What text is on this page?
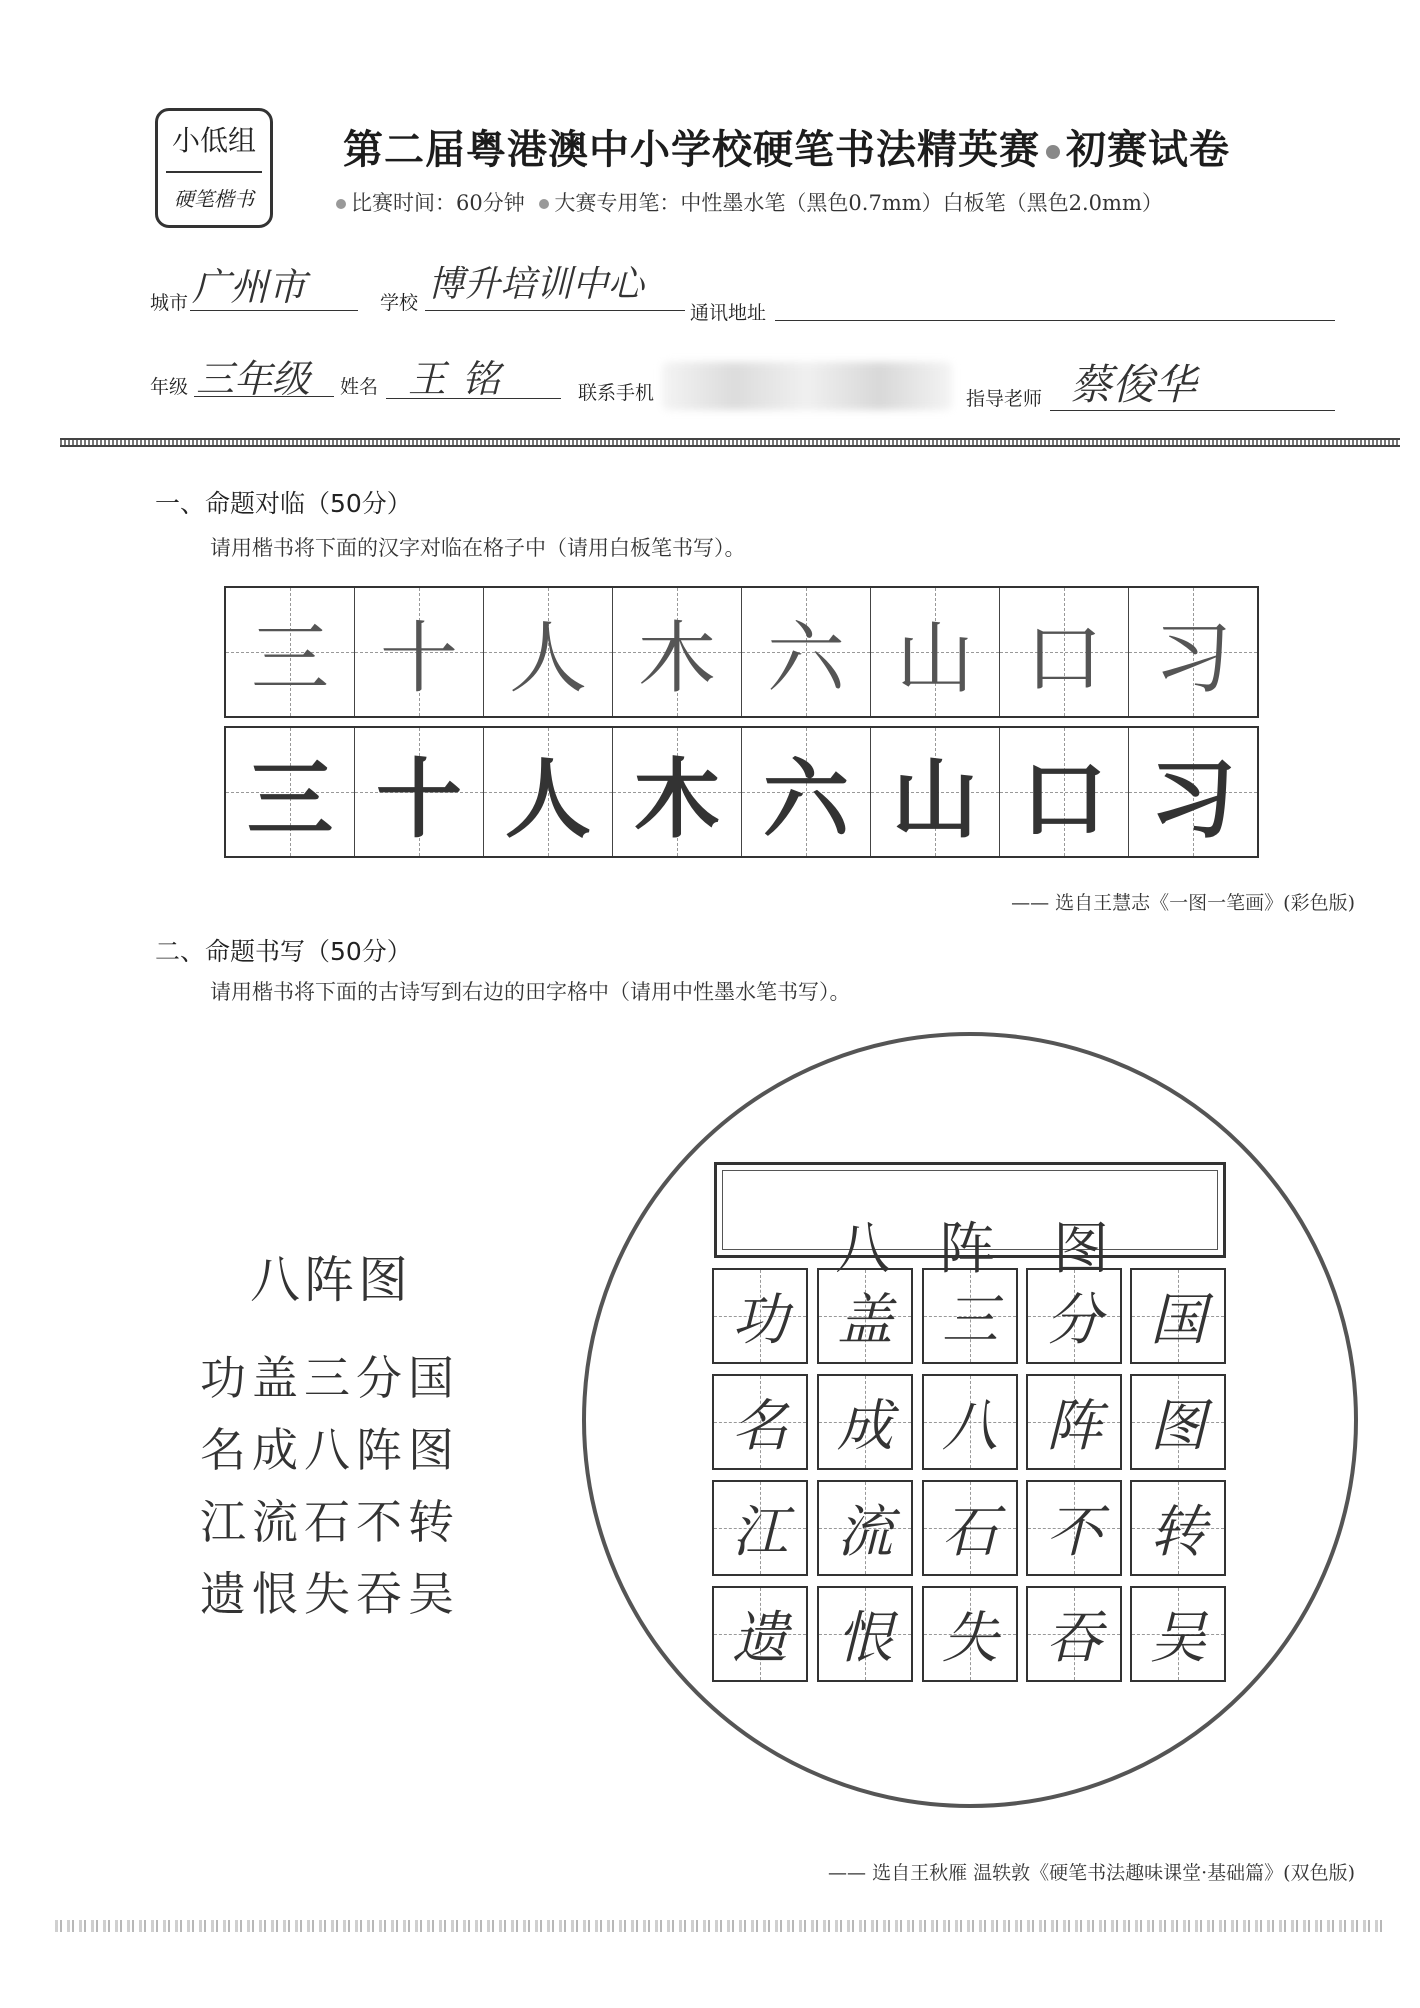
小低组
硬笔楷书
第二届粤港澳中小学校硬笔书法精英赛 初赛试卷
比赛时间：60分钟 大赛专用笔：中性墨水笔（黑色0.7mm）白板笔（黑色2.0mm）
城市 广州市	学校 博升培训中心
通讯地址
年级 三年级 姓名 王铭	联系手机	指导老师 蔡俊华
一、命题对临（50分）
请用楷书将下面的汉字对临在格子中（请用白板笔书写）。
三 十 人 木 六 山 口 习
三 十 人 木 六 山 口 习
—— 选自王慧志《一图一笔画》(彩色版)
二、命题书写（50分）
请用楷书将下面的古诗写到右边的田字格中（请用中性墨水笔书写）。
八阵图
功盖三分国
名成八阵图
江流石不转
遗恨失吞吴
八 阵 图
功 盖 三 分 国
名 成 八 阵 图
江 流 石 不 转
遗 恨 失 吞 吴
—— 选自王秋雁 温轶敦《硬笔书法趣味课堂·基础篇》(双色版)
